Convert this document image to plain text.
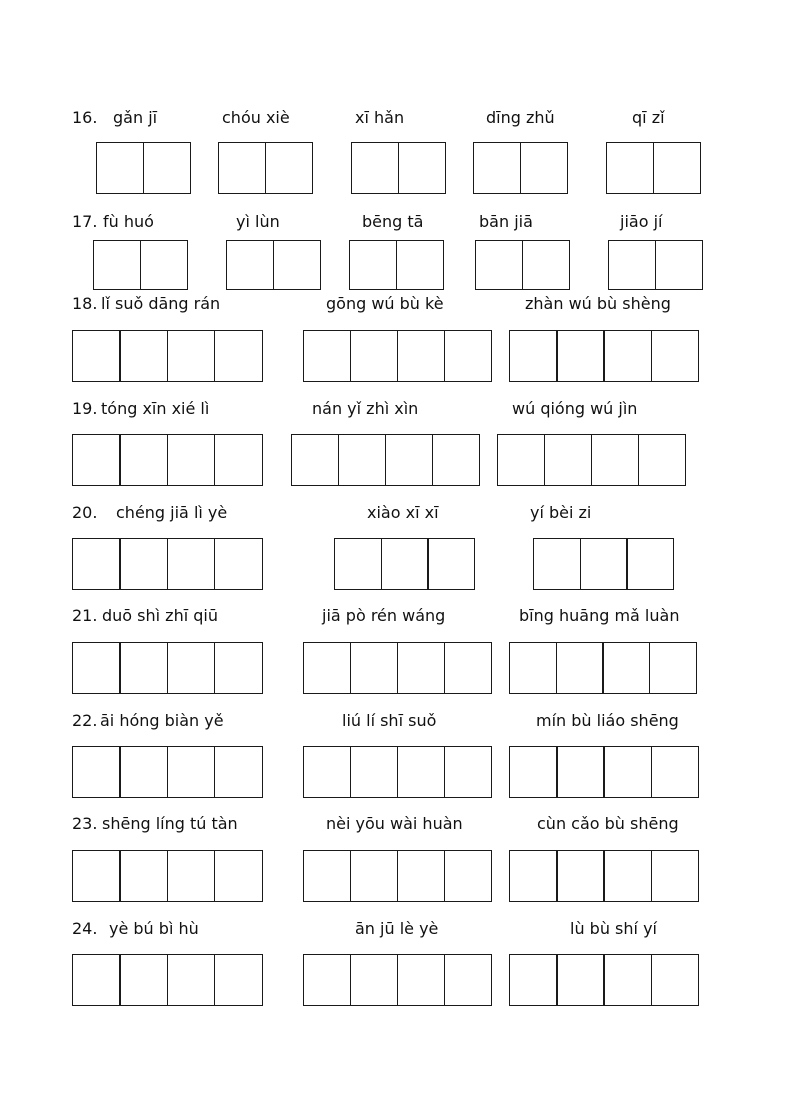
16. gǎn jī	chóu xiè	xī hǎn	dīng zhǔ	qī zǐ
17. fù huó	yì lùn	bēng tā	bān jiā	jiāo jí
18. lǐ suǒ dāng rán	gōng wú bù kè	zhàn wú bù shèng
19. tóng xīn xié lì	nán yǐ zhì xìn	wú qióng wú jìn
20. chéng jiā lì yè	xiào xī xī	yí bèi zi
21. duō shì zhī qiū	jiā pò rén wáng	bīng huāng mǎ luàn
22. āi hóng biàn yě	liú lí shī suǒ	mín bù liáo shēng
23. shēng líng tú tàn	nèi yōu wài huàn	cùn cǎo bù shēng
24. yè bú bì hù	ān jū lè yè	lù bù shí yí
